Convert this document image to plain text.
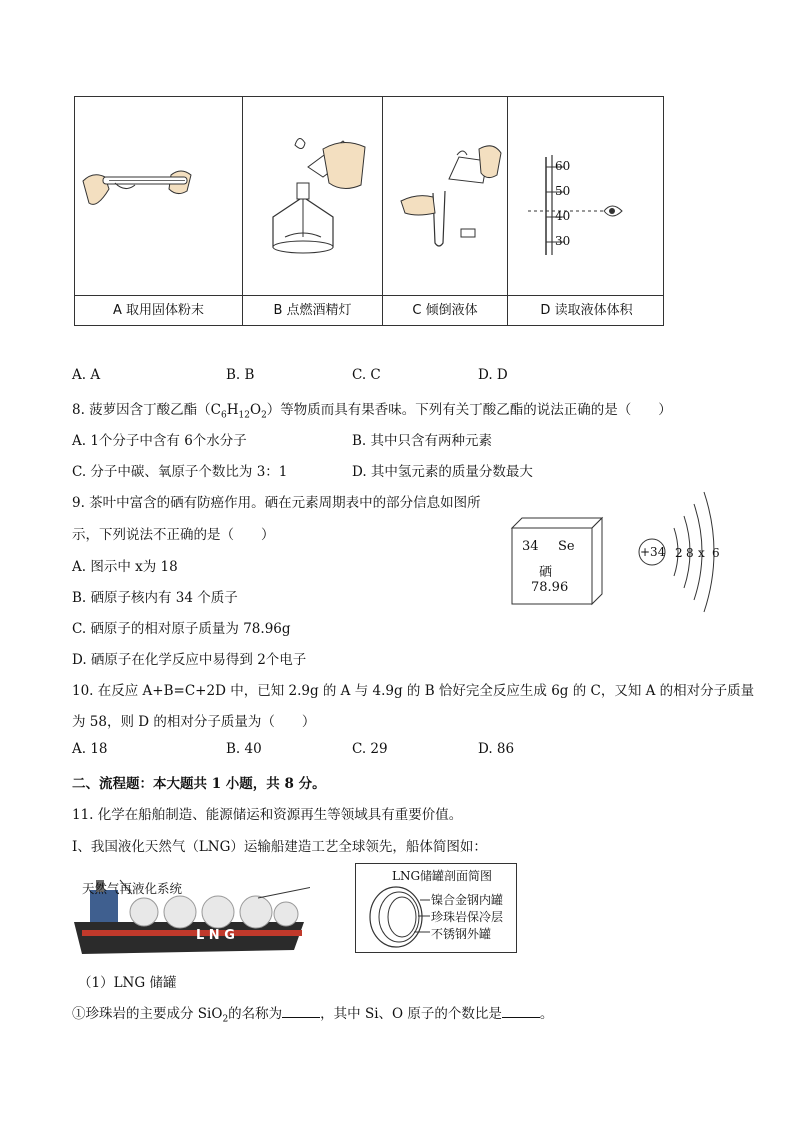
60
50
40
30
A 取用固体粉末	B 点燃酒精灯	C 倾倒液体	D 读取液体体积
A. A	B. B	C. C	D. D
8. 菠萝因含丁酸乙酯$(C_6H_{12}O_2)$等物质而具有果香味。下列有关丁酸乙酯的说法正确的是（　　）
A. 1个分子中含有 6个水分子	B. 其中只含有两种元素
C. 分子中碳、氧原子个数比为 3：1	D. 其中氢元素的质量分数最大
9. 茶叶中富含的硒有防癌作用。硒在元素周期表中的部分信息如图所
示，下列说法不正确的是（　　）
A. 图示中 x为 18
B. 硒原子核内有 34 个质子
C. 硒原子的相对原子质量为 78.96g
D. 硒原子在化学反应中易得到 2个电子
34 Se
硒
78.96
+34 2 8 x 6
10. 在反应 A+B=C+2D 中，已知 2.9g 的 A 与 4.9g 的 B 恰好完全反应生成 6g 的 C，又知 A 的相对分子质量
为 58，则 D 的相对分子质量为（　　）
A. 18	B. 40	C. 29	D. 86
二、流程题：本大题共 1 小题，共 8 分。
11. 化学在船舶制造、能源储运和资源再生等领域具有重要价值。
Ⅰ、我国液化天然气（LNG）运输船建造工艺全球领先，船体简图如：
天然气再液化系统
L N G
LNG储罐剖面简图
镍合金钢内罐
珍珠岩保冷层
不锈钢外罐
（1）LNG 储罐
①珍珠岩的主要成分 SiO$_2$的名称为	，其中 Si、O 原子的个数比是	。
